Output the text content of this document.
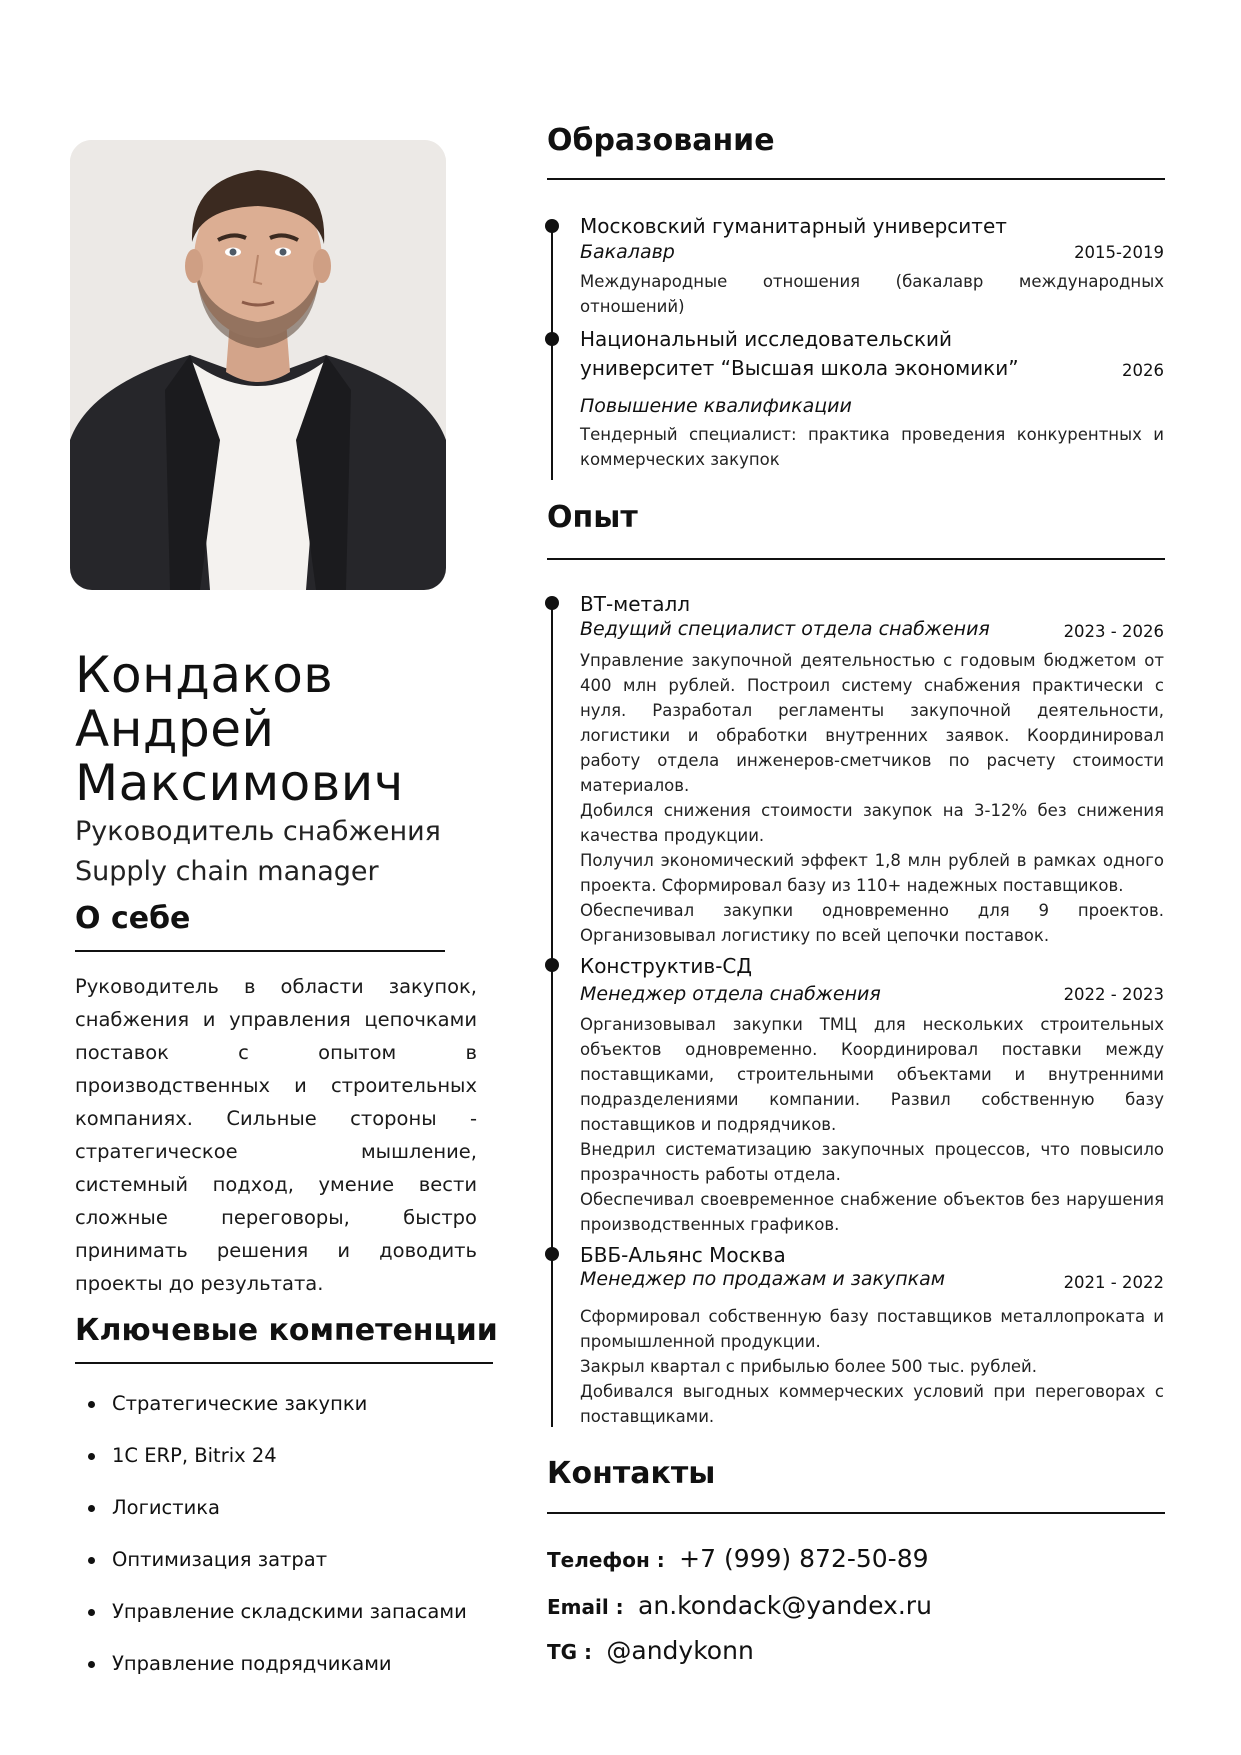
Кондаков
Андрей
Максимович
Руководитель снабжения
Supply chain manager
О себе
Руководитель в области закупок, снабжения и управления цепочками поставок с опытом в производственных и строительных компаниях. Сильные стороны - стратегическое мышление, системный подход, умение вести сложные переговоры, быстро принимать решения и доводить проекты до результата.
Ключевые компетенции
Стратегические закупки
1С ERP, Bitrix 24
Логистика
Оптимизация затрат
Управление складскими запасами
Управление подрядчиками
Образование
Московский гуманитарный университет
Бакалавр	2015-2019
Международные отношения (бакалавр международных отношений)
Национальный исследовательский
университет “Высшая школа экономики”	2026
Повышение квалификации
Тендерный специалист: практика проведения конкурентных и коммерческих закупок
Опыт
ВТ-металл
Ведущий специалист отдела снабжения	2023 - 2026

Управление закупочной деятельностью с годовым бюджетом от 400 млн рублей. Построил систему снабжения практически с нуля. Разработал регламенты закупочной деятельности, логистики и обработки внутренних заявок. Координировал работу отдела инженеров-сметчиков по расчету стоимости материалов.

Добился снижения стоимости закупок на 3-12% без снижения качества продукции.

Получил экономический эффект 1,8 млн рублей в рамках одного проекта. Сформировал базу из 110+ надежных поставщиков.

Обеспечивал закупки одновременно для 9 проектов. Организовывал логистику по всей цепочки поставок.

Конструктив-СД
Менеджер отдела снабжения	2022 - 2023

Организовывал закупки ТМЦ для нескольких строительных объектов одновременно. Координировал поставки между поставщиками, строительными объектами и внутренними подразделениями компании. Развил собственную базу поставщиков и подрядчиков.

Внедрил систематизацию закупочных процессов, что повысило прозрачность работы отдела.

Обеспечивал своевременное снабжение объектов без нарушения производственных графиков.

БВБ-Альянс Москва
Менеджер по продажам и закупкам	2021 - 2022

Сформировал собственную базу поставщиков металлопроката и промышленной продукции.

Закрыл квартал с прибылью более 500 тыс. рублей.

Добивался выгодных коммерческих условий при переговорах с поставщиками.

Контакты
Телефон : +7 (999) 872-50-89
Email : an.kondack@yandex.ru
TG : @andykonn
